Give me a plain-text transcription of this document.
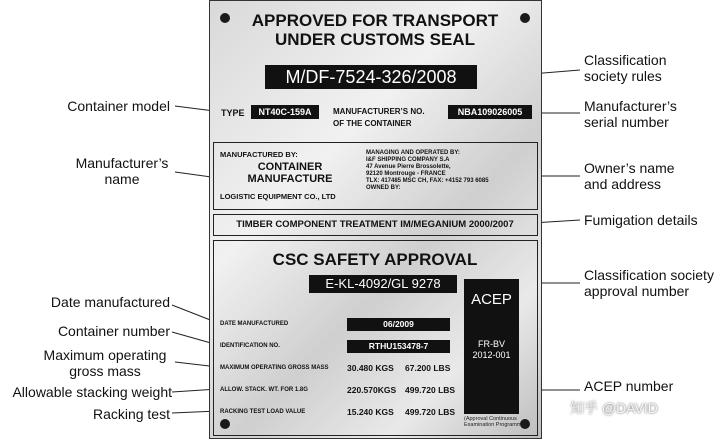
Container model
Manufacturer’s
name
Date manufactured
Container number
Maximum operating
gross mass
Allowable stacking weight
Racking test
Classification
society rules
Manufacturer’s
serial number
Owner’s name
and address
Fumigation details
Classification society
approval number
ACEP number
APPROVED FOR TRANSPORT
UNDER CUSTOMS SEAL
M/DF-7524-326/2008
TYPE	NT40C-159A	MANUFACTURER’S NO.
OF THE CONTAINER
NBA109026005
MANUFACTURED BY:
CONTAINER
MANUFACTURE
LOGISTIC EQUIPMENT CO., LTD
MANAGING AND OPERATED BY:
I&F SHIPPING COMPANY S.A
47 Avenue Pierre Brossolette,
92120 Montrouge - FRANCE
TLX: 417485 MSC CH, FAX: +4152 793 6085
OWNED BY:
TIMBER COMPONENT TREATMENT IM/MEGANIUM 2000/2007
CSC SAFETY APPROVAL
E-KL-4092/GL 9278
DATE MANUFACTURED	06/2009
IDENTIFICATION NO.	RTHU153478-7
MAXIMUM OPERATING GROSS MASS 30.480 KGS 67.200 LBS
ALLOW. STACK. WT. FOR 1.8G	220.570KGS 499.720 LBS
RACKING TEST LOAD VALUE	15.240 KGS 499.720 LBS
ACEP
FR-BV
2012-001
(Approval Continuous
Examination Programme)
知乎 @DAVID
